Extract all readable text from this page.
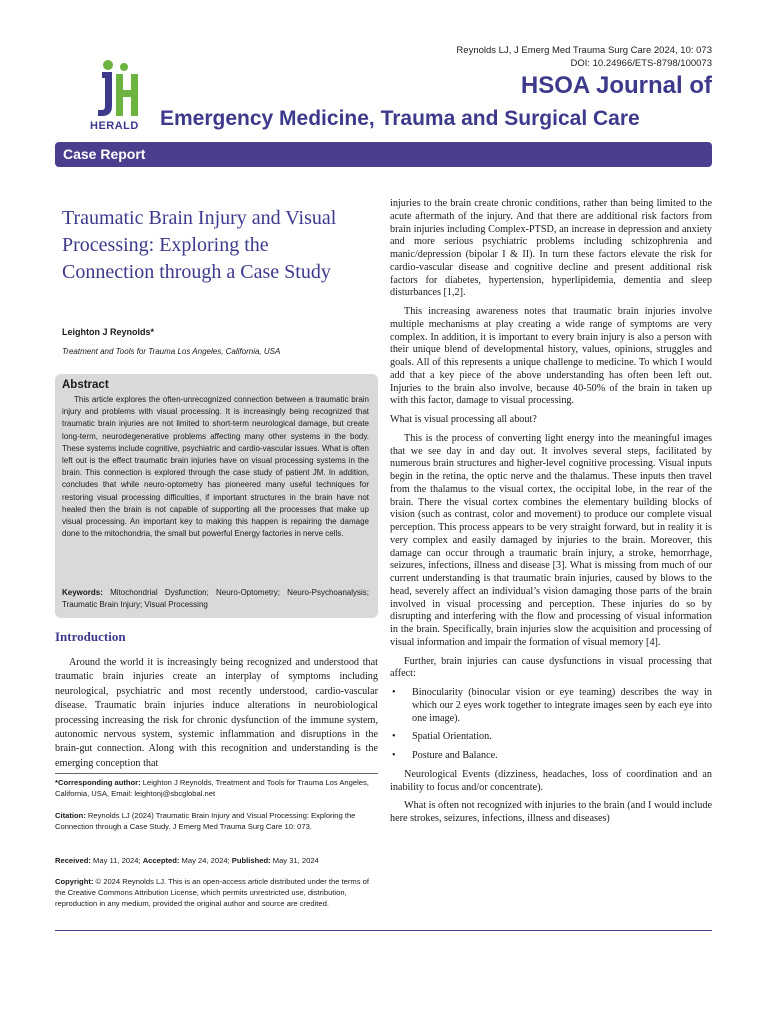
HERALD
Reynolds LJ, J Emerg Med Trauma Surg Care 2024, 10: 073
DOI: 10.24966/ETS-8798/100073
HSOA Journal of
Emergency Medicine, Trauma and Surgical Care
Case Report
Traumatic Brain Injury and Visual Processing: Exploring the Connection through a Case Study
Leighton J Reynolds*
Treatment and Tools for Trauma Los Angeles, California, USA
Abstract
This article explores the often-unrecognized connection between a traumatic brain injury and problems with visual processing. It is increasingly being recognized that traumatic brain injuries are not limited to short-term neurological damage, but create long-term, neurodegenerative problems affecting many other systems in the body. These systems include cognitive, psychiatric and cardio-vascular issues. What is often left out is the effect traumatic brain injuries have on visual processing systems in the brain. This connection is explored through the case study of patient JM. In addition, concludes that while neuro-optometry has pioneered many useful techniques for restoring visual processing difficulties, if important structures in the brain have not healed then the brain is not capable of supporting all the processes that make up visual processing. An important key to making this happen is repairing the damage done to the mitochondria, the small but powerful Energy factories in nerve cells.
Keywords: Mitochondrial Dysfunction; Neuro-Optometry; Neuro-Psychoanalysis; Traumatic Brain Injury; Visual Processing
Introduction
Around the world it is increasingly being recognized and understood that traumatic brain injuries create an interplay of symptoms including neurological, psychiatric and most recently understood, cardio-vascular disease. Traumatic brain injuries induce alterations in neurobiological processing increasing the risk for chronic dysfunction of the immune system, autonomic nervous system, systemic inflammation and disruptions in the brain-gut connection. Along with this recognition and understanding is the emerging conception that
*Corresponding author: Leighton J Reynolds, Treatment and Tools for Trauma Los Angeles, California, USA, Email: leightonj@sbcglobal.net
Citation: Reynolds LJ (2024) Traumatic Brain Injury and Visual Processing: Exploring the Connection through a Case Study. J Emerg Med Trauma Surg Care 10: 073.
Received: May 11, 2024; Accepted: May 24, 2024; Published: May 31, 2024
Copyright: © 2024 Reynolds LJ. This is an open-access article distributed under the terms of the Creative Commons Attribution License, which permits unrestricted use, distribution, reproduction in any medium, provided the original author and source are credited.

injuries to the brain create chronic conditions, rather than being limited to the acute aftermath of the injury. And that there are additional risk factors from brain injuries including Complex-PTSD, an increase in depression and anxiety and more serious psychiatric problems including schizophrenia and manic/depression (bipolar I & II). In turn these factors elevate the risk for cardio-vascular disease and cognitive decline and present additional risk factors for diabetes, hypertension, hyperlipidemia, dementia and sleep disturbances [1,2].

This increasing awareness notes that traumatic brain injuries involve multiple mechanisms at play creating a wide range of symptoms are very complex. In addition, it is important to every brain injury is also a person with their unique blend of developmental history, values, opinions, struggles and goals. All of this represents a unique challenge to medicine. To which I would add that a key piece of the above understanding has often been left out. Injuries to the brain also involve, because 40-50% of the brain in taken up with this factor, damage to visual processing.

What is visual processing all about?

This is the process of converting light energy into the meaningful images that we see day in and day out. It involves several steps, facilitated by numerous brain structures and higher-level cognitive processing. Visual inputs begin in the retina, the optic nerve and the thalamus. These inputs then travel from the thalamus to the visual cortex, the occipital lobe, in the rear of the brain. There the visual cortex combines the elementary building blocks of vision (such as contrast, color and movement) to produce our complete visual perception. This process appears to be very straight forward, but in reality it is very complex and easily damaged by injuries to the brain. Moreover, this damage can occur through a traumatic brain injury, a stroke, hemorrhage, seizures, infections, illness and disease [3]. What is missing from much of our current understanding is that traumatic brain injuries, caused by blows to the head, severely affect an individual’s vision damaging those parts of the brain involved in visual processing and perception. These injuries do so by disrupting and interfering with the flow and processing of visual information in the brain. Specifically, brain injuries slow the acquisition and processing of visual information and impair the formation of visual memory [4].

Further, brain injuries can cause dysfunctions in visual processing that affect:

• Binocularity (binocular vision or eye teaming) describes the way in which our 2 eyes work together to integrate images seen by each eye into one image).

• Spatial Orientation.

• Posture and Balance.

Neurological Events (dizziness, headaches, loss of coordination and an inability to focus and/or concentrate).

What is often not recognized with injuries to the brain (and I would include here strokes, seizures, infections, illness and diseases)
